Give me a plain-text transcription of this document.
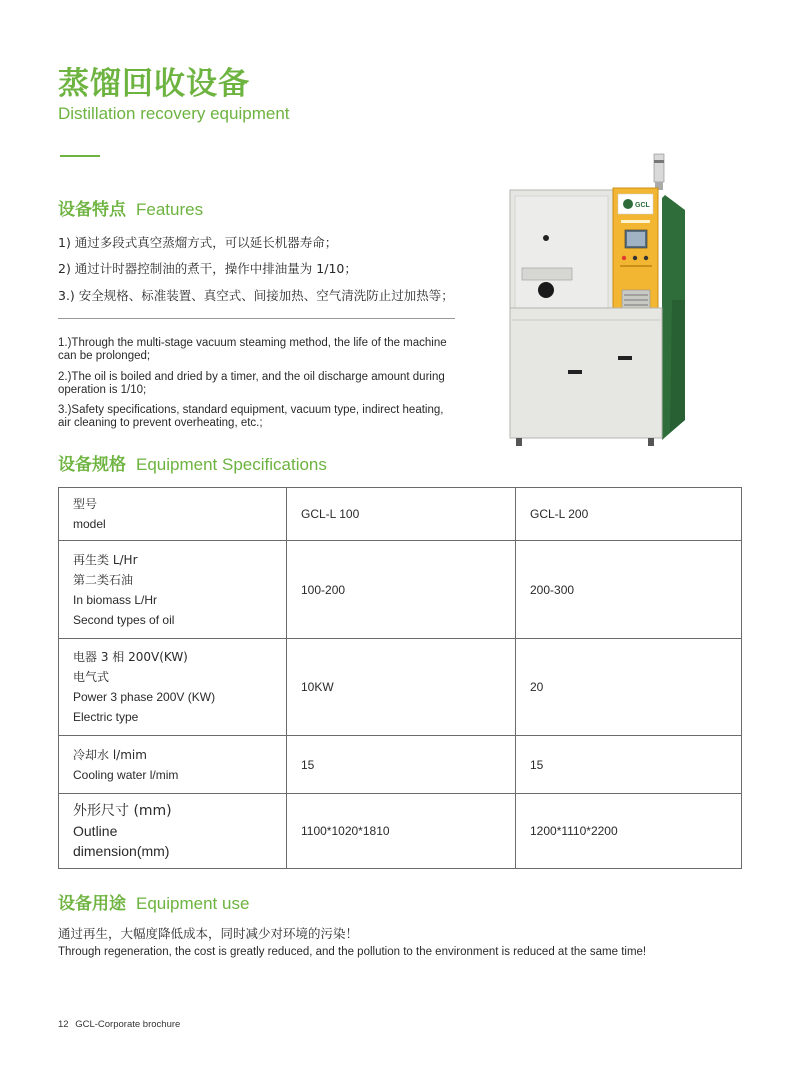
蒸馏回收设备
Distillation recovery equipment
设备特点 Features
1) 通过多段式真空蒸熘方式，可以延长机器寿命；
2) 通过计时器控制油的煮干，操作中排油量为 1/10；
3.) 安全规格、标准装置、真空式、间接加热、空气清洗防止过加热等；
1.)Through the multi-stage vacuum steaming method, the life of the machine can be prolonged;
2.)The oil is boiled and dried by a timer, and the oil discharge amount during operation is 1/10;
3.)Safety specifications, standard equipment, vacuum type, indirect heating, air cleaning to prevent overheating, etc.;
GCL
设备规格 Equipment Specifications
型号
model	GCL-L 100	GCL-L 200

再生类 L/Hr
第二类石油
In biomass L/Hr
Second types of oil	100-200	200-300

电器 3 相 200V(KW)
电气式
Power 3 phase 200V (KW)
Electric type	10KW	20

冷却水 l/mim
Cooling water l/mim	15	15

外形尺寸 (mm)
Outline
dimension(mm)	1100*1020*1810	1200*1110*2200
设备用途 Equipment use
通过再生，大幅度降低成本，同时减少对环境的污染！
Through regeneration, the cost is greatly reduced, and the pollution to the environment is reduced at the same time!
12 GCL-Corporate brochure
